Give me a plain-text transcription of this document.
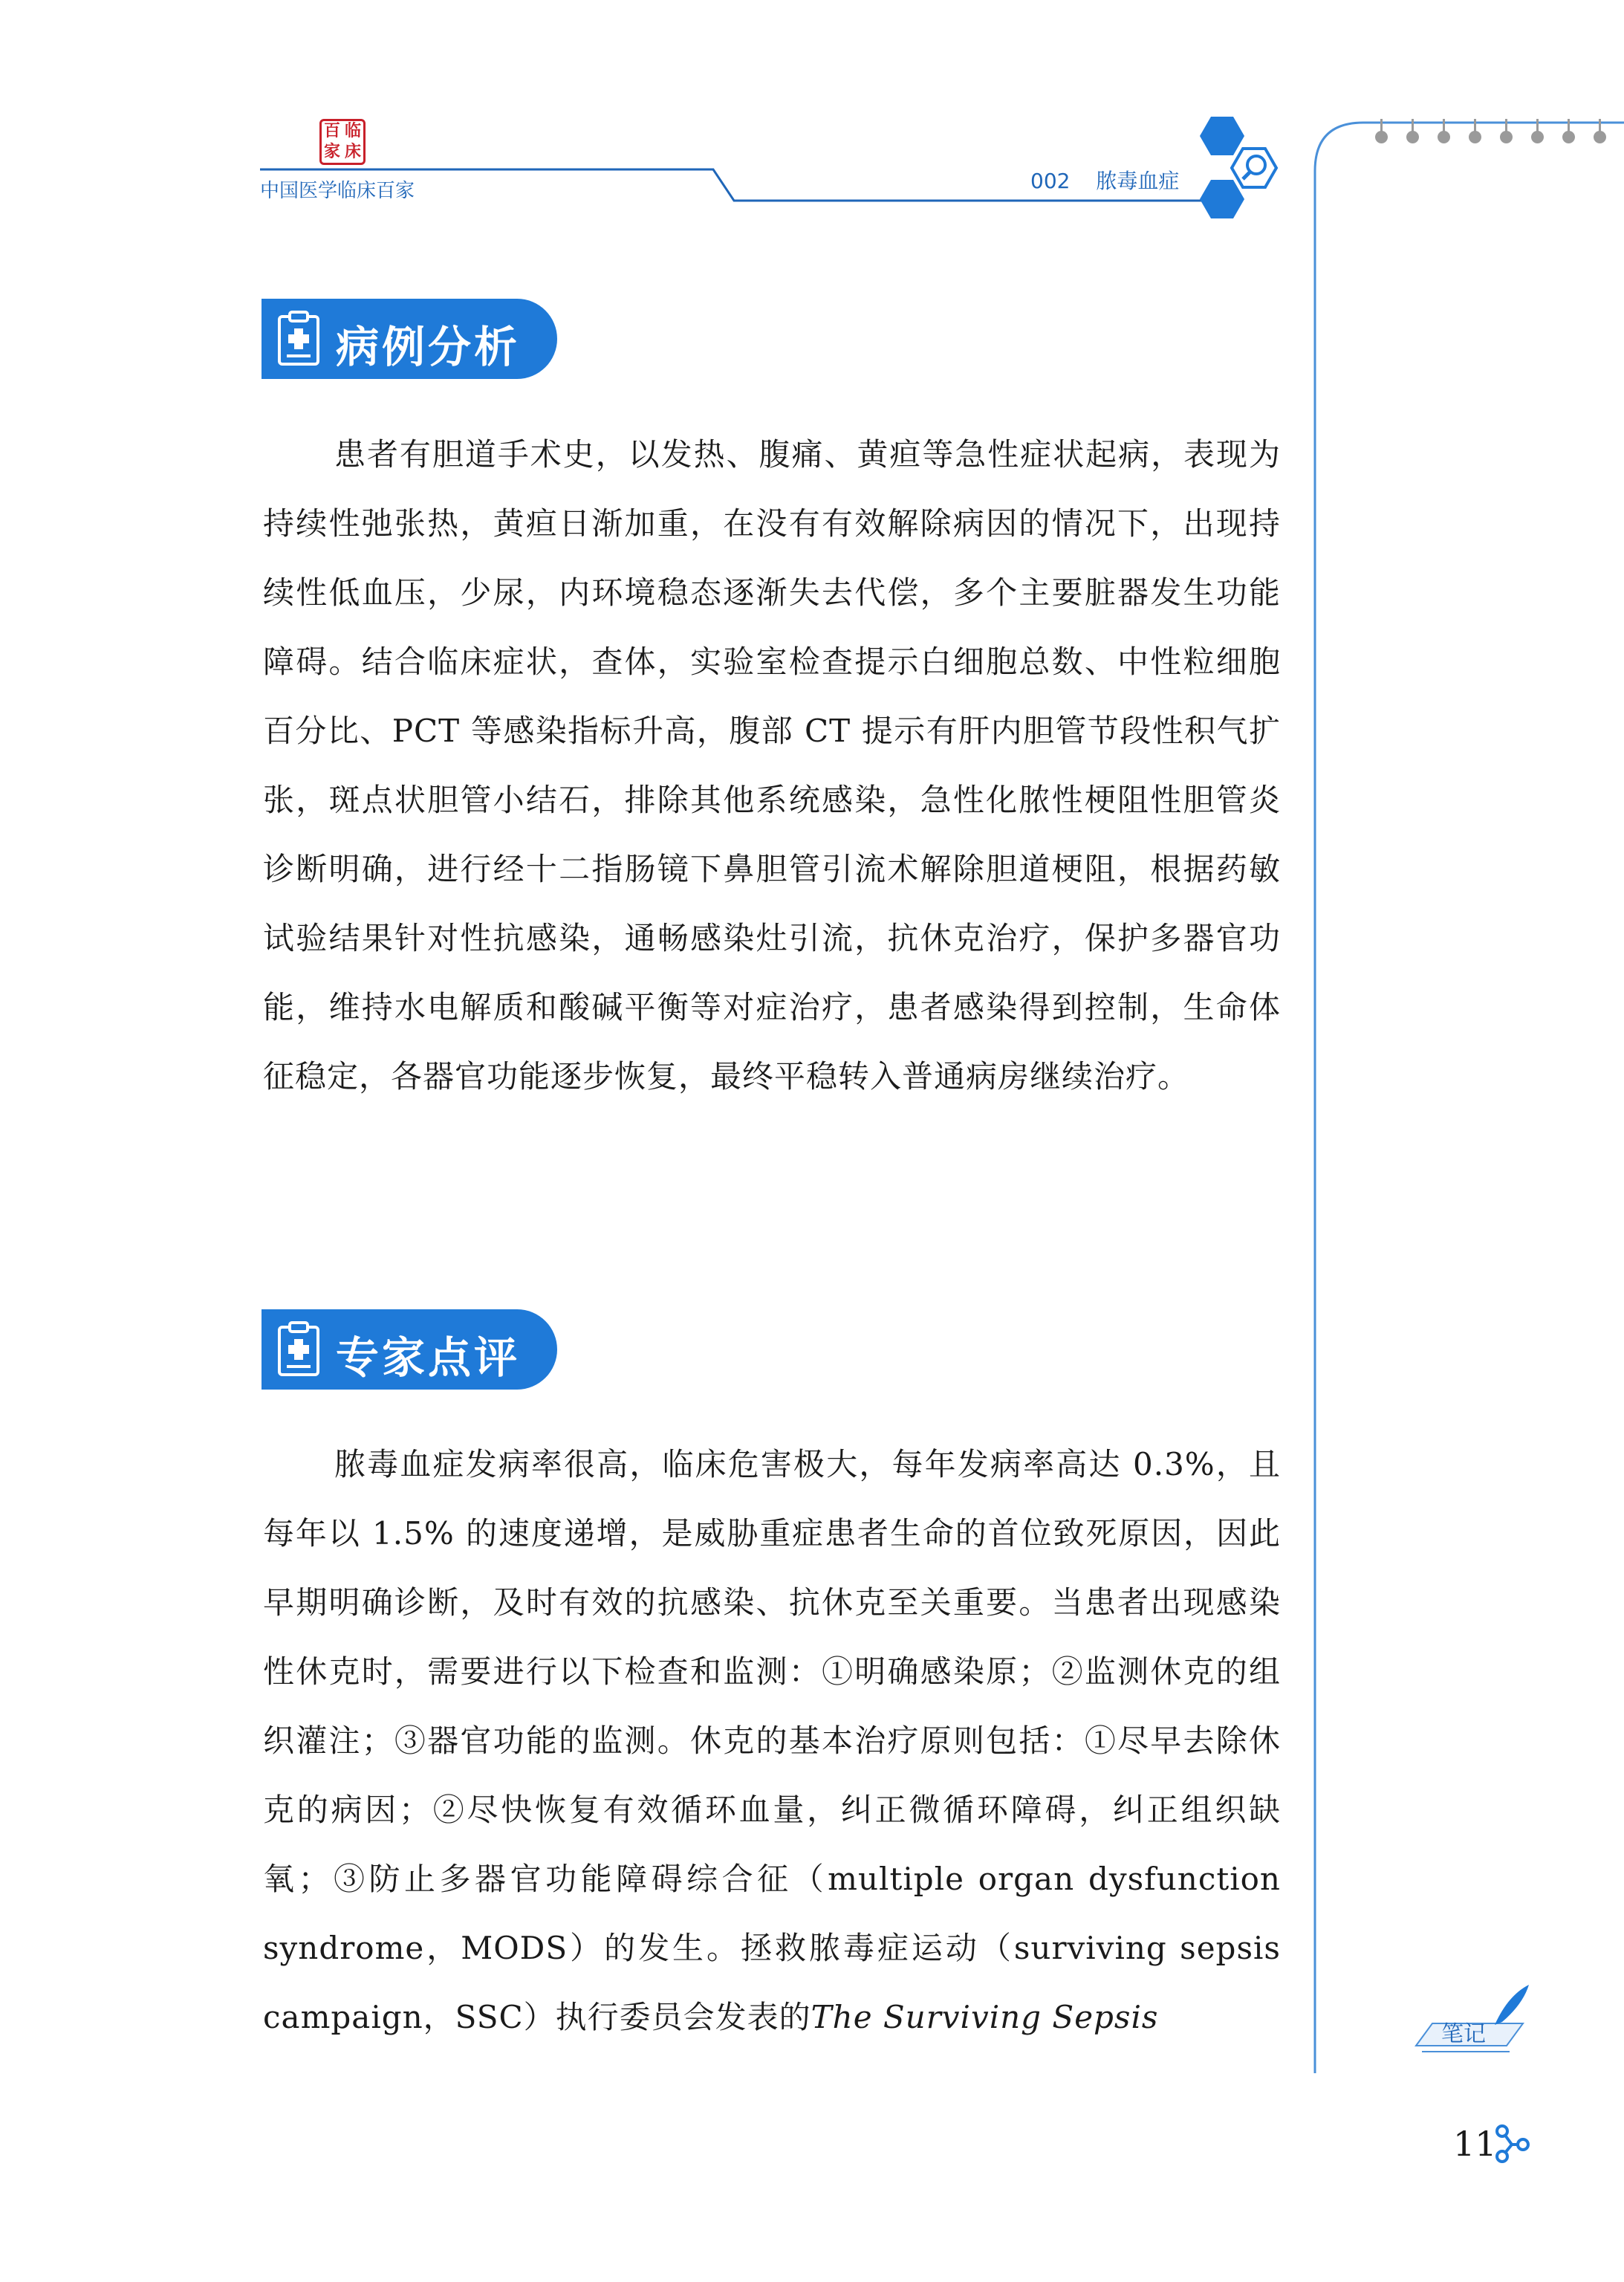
百 临
家 床
中国医学临床百家	002 脓毒血症
病例分析

患者有胆道手术史，以发热、腹痛、黄疸等急性症状起病，表现为持续性弛张热，黄疸日渐加重，在没有有效解除病因的情况下，出现持续性低血压，少尿，内环境稳态逐渐失去代偿，多个主要脏器发生功能障碍。结合临床症状，查体，实验室检查提示白细胞总数、中性粒细胞百分比、PCT 等感染指标升高，腹部 CT 提示有肝内胆管节段性积气扩张，斑点状胆管小结石，排除其他系统感染，急性化脓性梗阻性胆管炎诊断明确，进行经十二指肠镜下鼻胆管引流术解除胆道梗阻，根据药敏试验结果针对性抗感染，通畅感染灶引流，抗休克治疗，保护多器官功能，维持水电解质和酸碱平衡等对症治疗，患者感染得到控制，生命体征稳定，各器官功能逐步恢复，最终平稳转入普通病房继续治疗。

专家点评

脓毒血症发病率很高，临床危害极大，每年发病率高达 0.3%，且每年以 1.5% 的速度递增，是威胁重症患者生命的首位致死原因，因此早期明确诊断，及时有效的抗感染、抗休克至关重要。当患者出现感染性休克时，需要进行以下检查和监测：①明确感染原；②监测休克的组织灌注；③器官功能的监测。休克的基本治疗原则包括：①尽早去除休克的病因；②尽快恢复有效循环血量，纠正微循环障碍，纠正组织缺氧；③防止多器官功能障碍综合征（multiple organ dysfunction syndrome，MODS）的发生。拯救脓毒症运动（surviving sepsis campaign，SSC）执行委员会发表的The Surviving Sepsis	笔记
11
